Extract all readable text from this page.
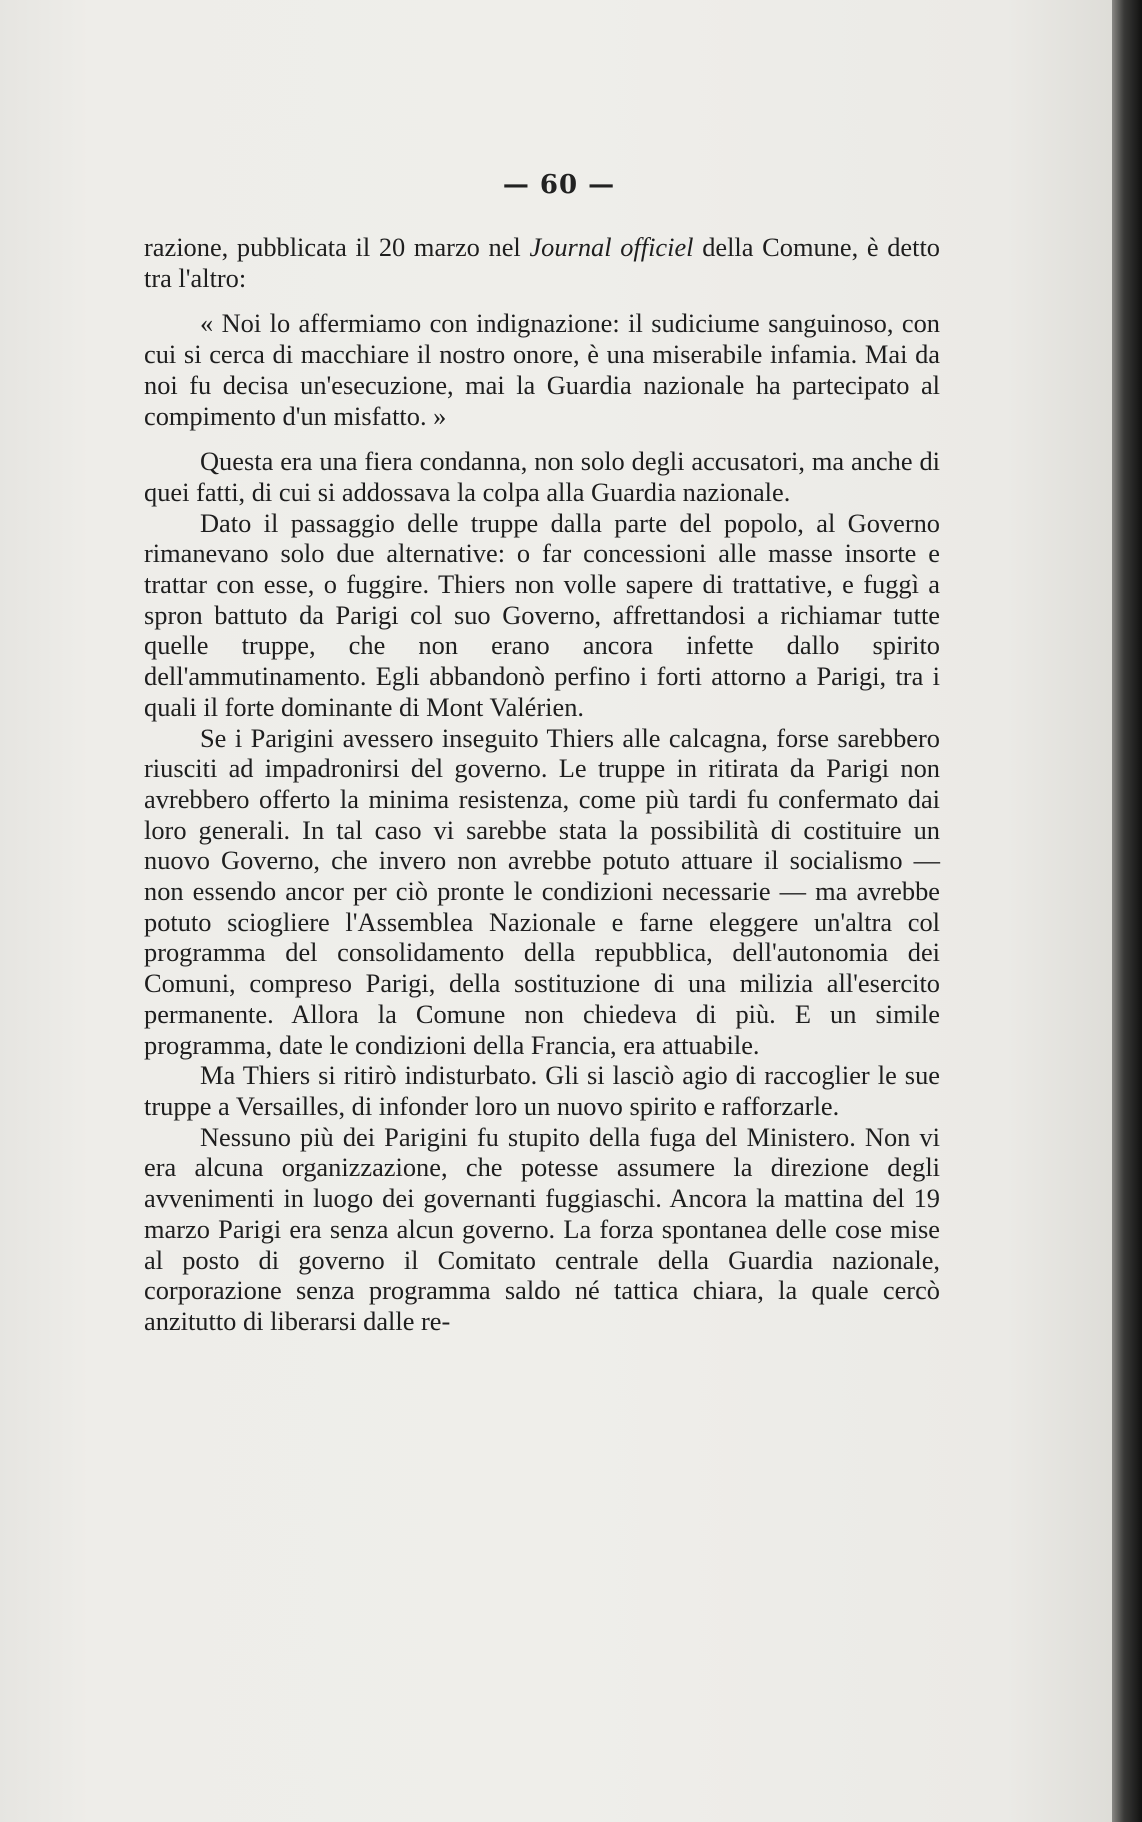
— 60 —

razione, pubblicata il 20 marzo nel Journal officiel della Comune, è detto tra l'altro:

« Noi lo affermiamo con indignazione: il sudiciume sanguinoso, con cui si cerca di macchiare il nostro onore, è una miserabile infamia. Mai da noi fu decisa un'esecuzione, mai la Guardia nazionale ha partecipato al compimento d'un misfatto. »

Questa era una fiera condanna, non solo degli accusatori, ma anche di quei fatti, di cui si addossava la colpa alla Guardia nazionale.

Dato il passaggio delle truppe dalla parte del popolo, al Governo rimanevano solo due alternative: o far concessioni alle masse insorte e trattar con esse, o fuggire. Thiers non volle sapere di trattative, e fuggì a spron battuto da Parigi col suo Governo, affrettandosi a richiamar tutte quelle truppe, che non erano ancora infette dallo spirito dell'ammutinamento. Egli abbandonò perfino i forti attorno a Parigi, tra i quali il forte dominante di Mont Valérien.

Se i Parigini avessero inseguito Thiers alle calcagna, forse sarebbero riusciti ad impadronirsi del governo. Le truppe in ritirata da Parigi non avrebbero offerto la minima resistenza, come più tardi fu confermato dai loro generali. In tal caso vi sarebbe stata la possibilità di costituire un nuovo Governo, che invero non avrebbe potuto attuare il socialismo — non essendo ancor per ciò pronte le condizioni necessarie — ma avrebbe potuto sciogliere l'Assemblea Nazionale e farne eleggere un'altra col programma del consolidamento della repubblica, dell'autonomia dei Comuni, compreso Parigi, della sostituzione di una milizia all'esercito permanente. Allora la Comune non chiedeva di più. E un simile programma, date le condizioni della Francia, era attuabile.

Ma Thiers si ritirò indisturbato. Gli si lasciò agio di raccoglier le sue truppe a Versailles, di infonder loro un nuovo spirito e rafforzarle.

Nessuno più dei Parigini fu stupito della fuga del Ministero. Non vi era alcuna organizzazione, che potesse assumere la direzione degli avvenimenti in luogo dei governanti fuggiaschi. Ancora la mattina del 19 marzo Parigi era senza alcun governo. La forza spontanea delle cose mise al posto di governo il Comitato centrale della Guardia nazionale, corporazione senza programma saldo né tattica chiara, la quale cercò anzitutto di liberarsi dalle re-
